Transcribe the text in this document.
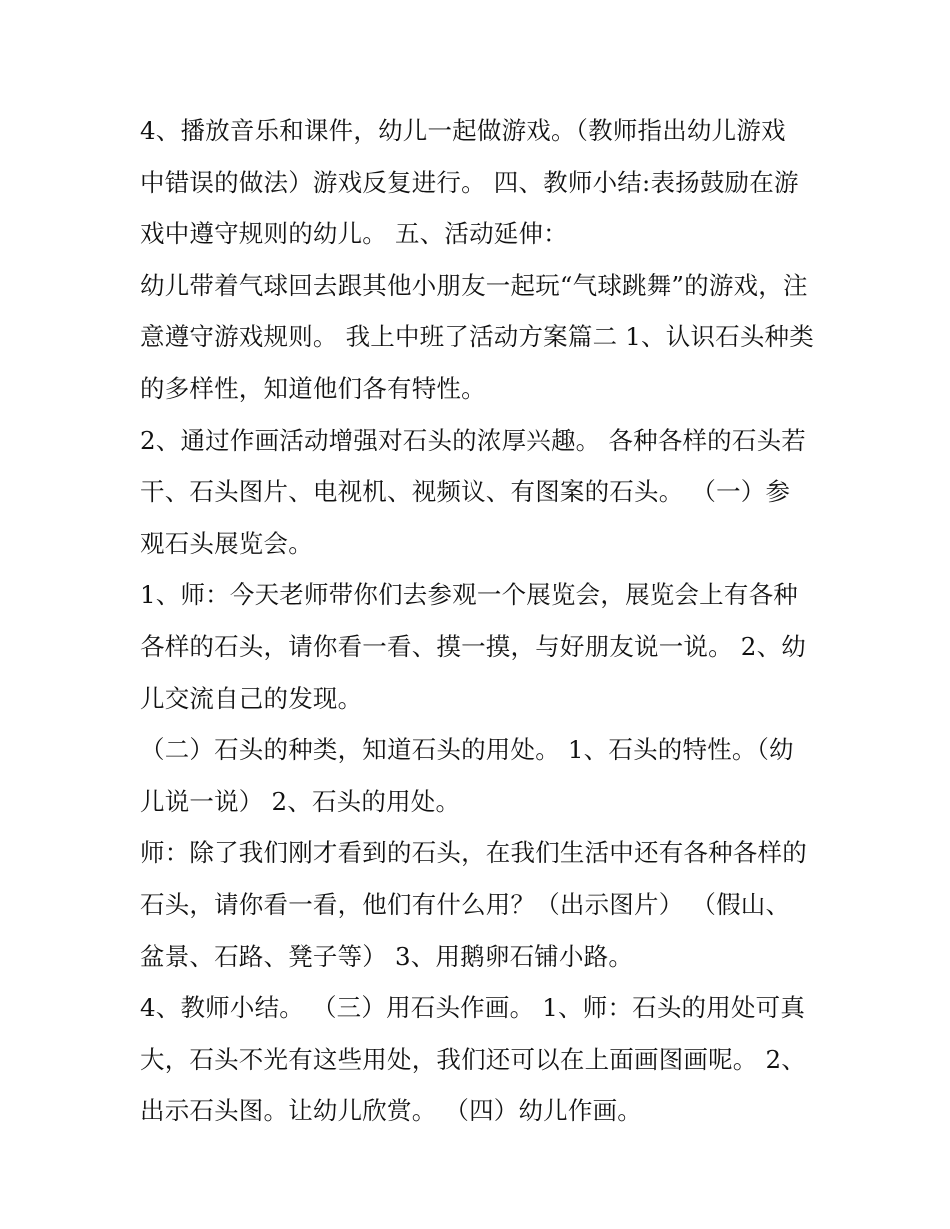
4、播放音乐和课件，幼儿一起做游戏。（教师指出幼儿游戏
中错误的做法）游戏反复进行。 四、教师小结:表扬鼓励在游
戏中遵守规则的幼儿。 五、活动延伸：
幼儿带着气球回去跟其他小朋友一起玩“气球跳舞”的游戏，注
意遵守游戏规则。 我上中班了活动方案篇二 1、认识石头种类
的多样性，知道他们各有特性。
2、通过作画活动增强对石头的浓厚兴趣。 各种各样的石头若
干、石头图片、电视机、视频议、有图案的石头。 （一）参
观石头展览会。
1、师：今天老师带你们去参观一个展览会，展览会上有各种
各样的石头，请你看一看、摸一摸，与好朋友说一说。 2、幼
儿交流自己的发现。
（二）石头的种类，知道石头的用处。 1、石头的特性。（幼
儿说一说） 2、石头的用处。
师：除了我们刚才看到的石头，在我们生活中还有各种各样的
石头，请你看一看，他们有什么用？（出示图片） （假山、
盆景、石路、凳子等） 3、用鹅卵石铺小路。
4、教师小结。 （三）用石头作画。 1、师：石头的用处可真
大，石头不光有这些用处，我们还可以在上面画图画呢。 2、
出示石头图。让幼儿欣赏。 （四）幼儿作画。
